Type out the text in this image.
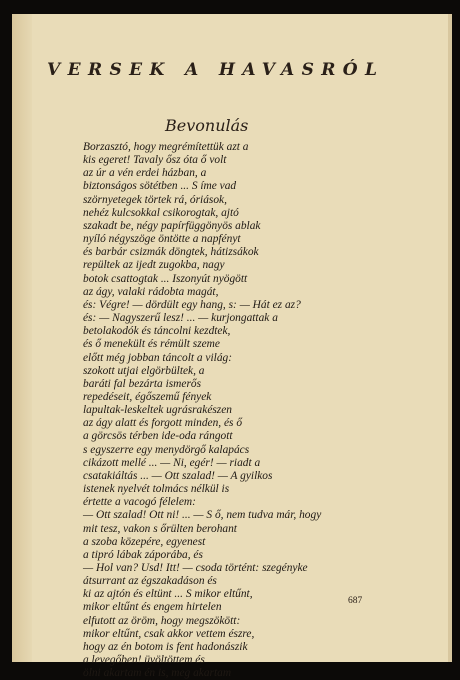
VERSEK A HAVASRÓL
Bevonulás
Borzasztó, hogy megrémítettük azt a
kis egeret! Tavaly ősz óta ő volt
az úr a vén erdei házban, a
biztonságos sötétben ... S íme vad
szörnyetegek törtek rá, óriások,
nehéz kulcsokkal csikorogtak, ajtó
szakadt be, négy papírfüggönyös ablak
nyíló négyszöge öntötte a napfényt
és barbár csizmák döngtek, hátizsákok
repültek az ijedt zugokba, nagy
botok csattogtak ... Iszonyút nyögött
az ágy, valaki rádobta magát,
és: Végre! — dördült egy hang, s: — Hát ez az?
és: — Nagyszerű lesz! ... — kurjongattak a
betolakodók és táncolni kezdtek,
és ő menekült és rémült szeme
előtt még jobban táncolt a világ:
szokott utjai elgörbültek, a
baráti fal bezárta ismerős
repedéseit, égőszemű fények
lapultak-leskeltek ugrásrakészen
az ágy alatt és forgott minden, és ő
a görcsös térben ide-oda rángott
s egyszerre egy menydörgő kalapács
cikázott mellé ... — Ni, egér! — riadt a
csatakiáltás ... — Ott szalad! — A gyilkos
istenek nyelvét tolmács nélkül is
értette a vacogó félelem:
— Ott szalad! Ott ni! ... — S ő, nem tudva már, hogy
mit tesz, vakon s őrülten berohant
a szoba közepére, egyenest
a tipró lábak záporába, és
— Hol van? Usd! Itt! — csoda történt: szegényke
átsurrant az égszakadáson és
ki az ajtón és eltünt ... S mikor eltűnt,
mikor eltűnt és engem hirtelen
elfutott az öröm, hogy megszökött:
mikor eltűnt, csak akkor vettem észre,
hogy az én botom is fent hadonászik
a levegőben! üvöltöttem és
ölni akartam én is, meg akartam
687
